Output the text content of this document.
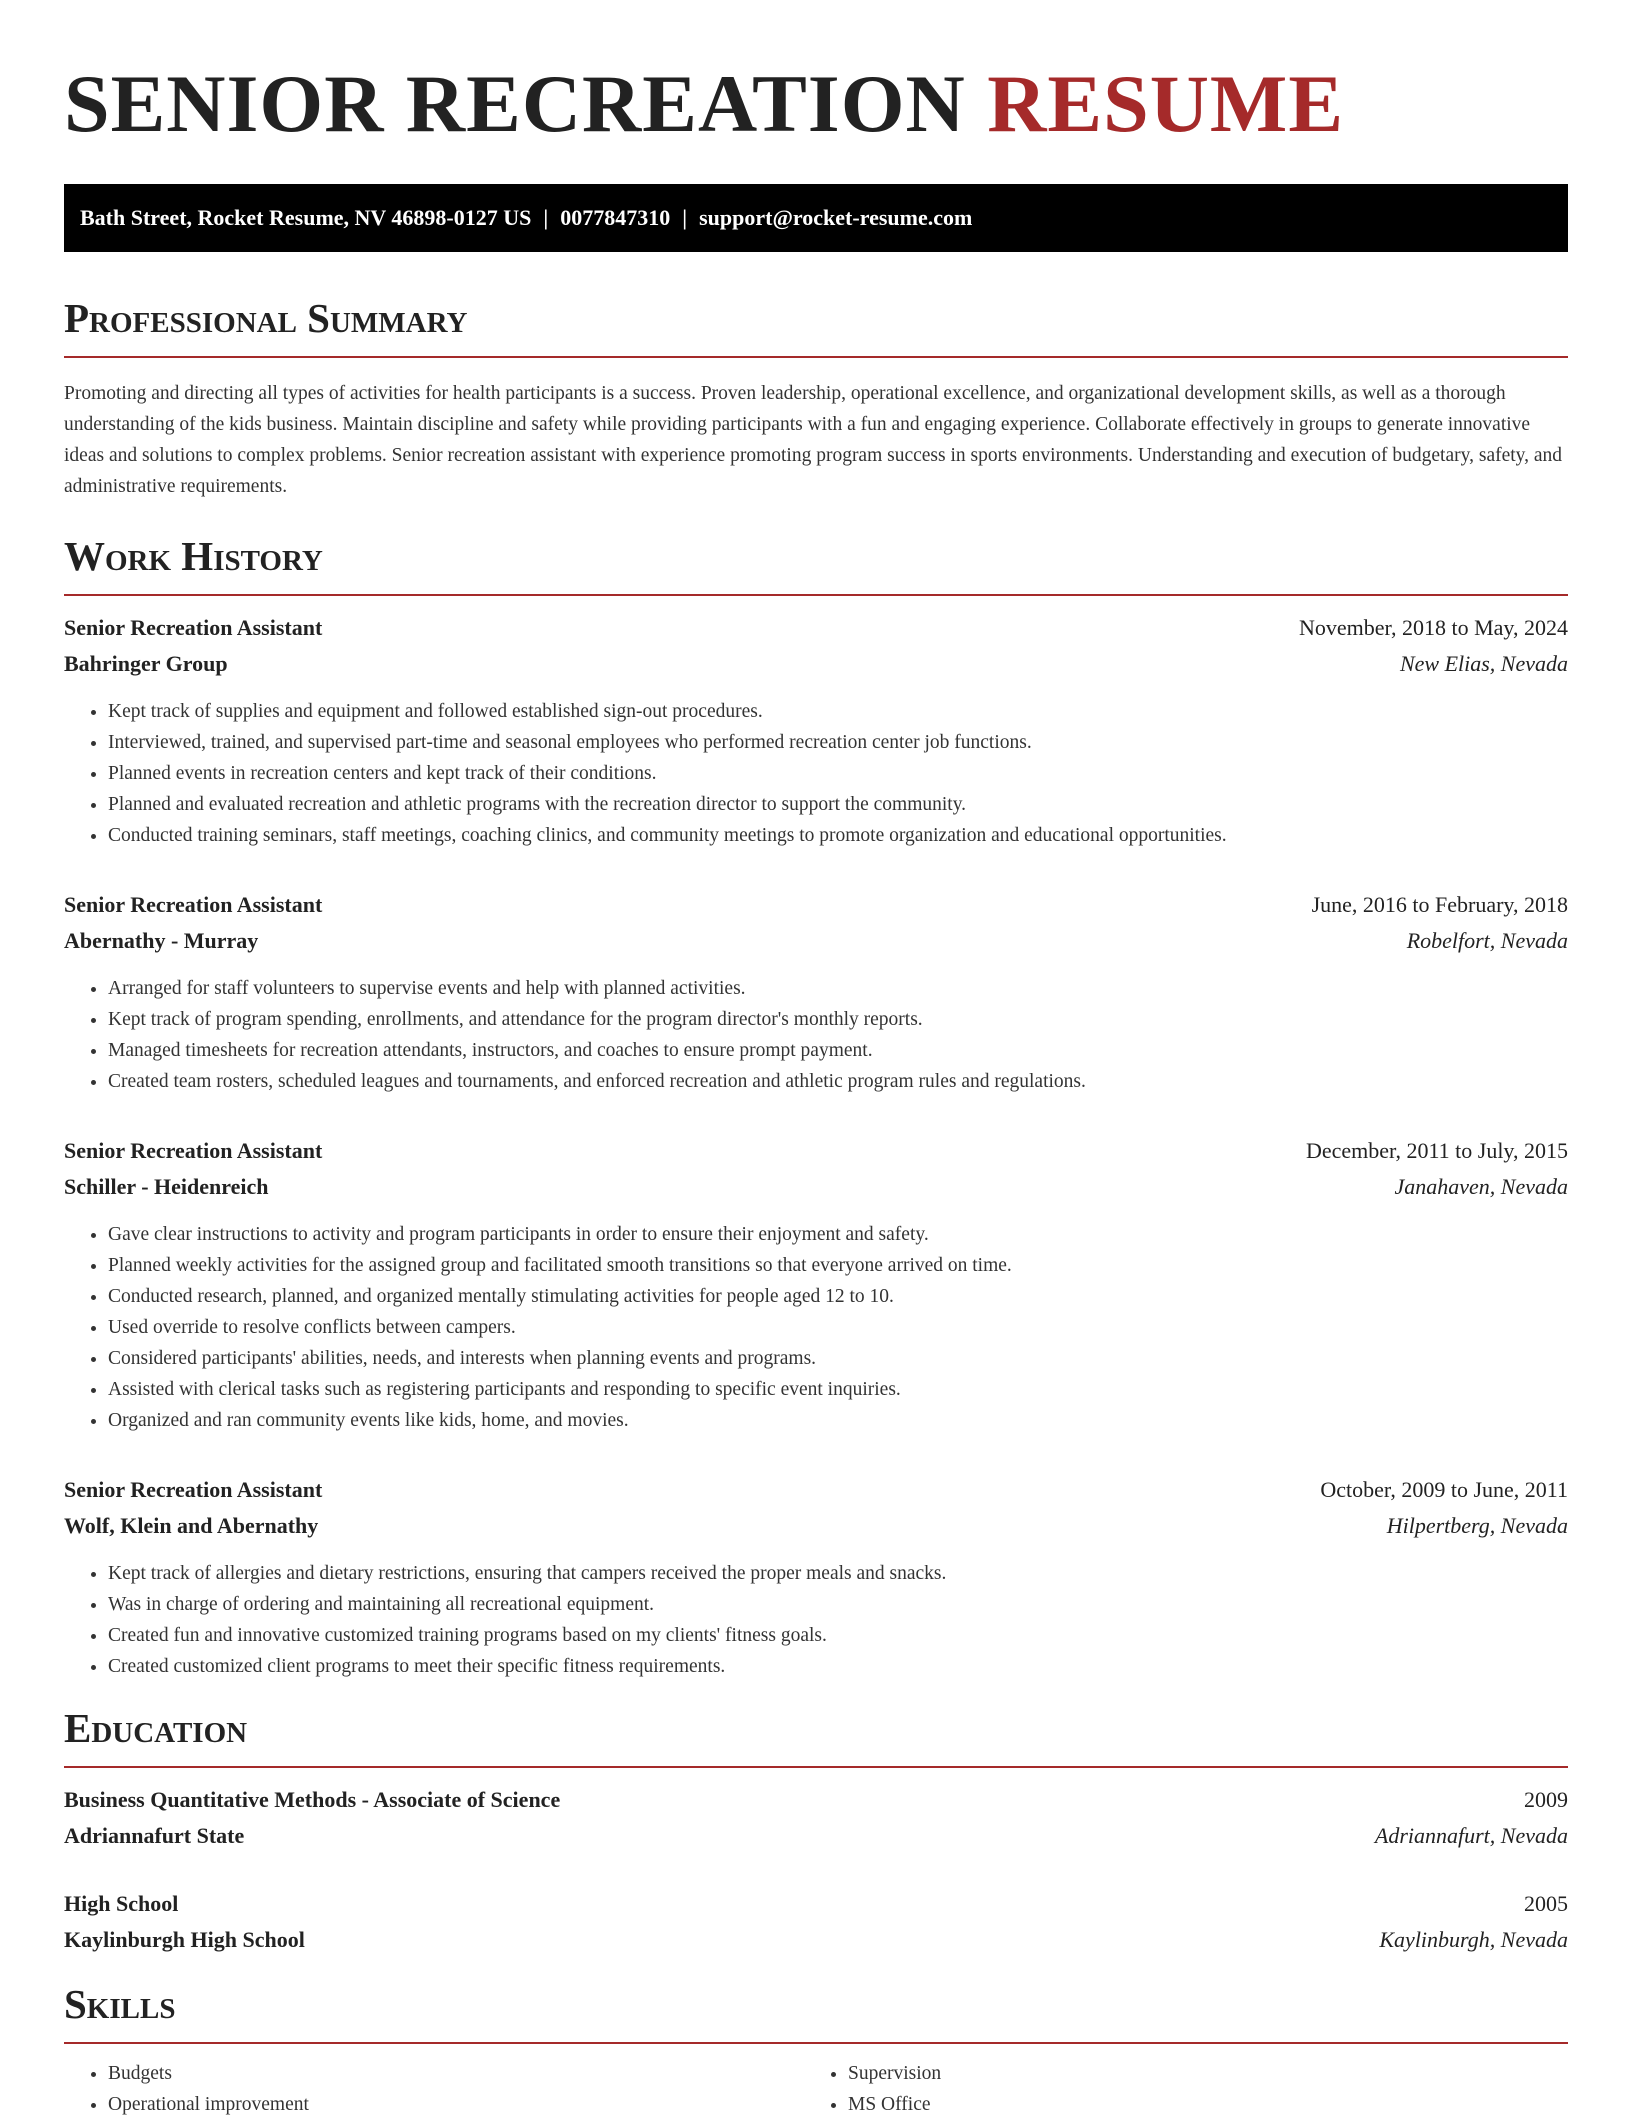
SENIOR RECREATION RESUME
Bath Street, Rocket Resume, NV 46898-0127 US | 0077847310 | support@rocket-resume.com
Professional Summary

Promoting and directing all types of activities for health participants is a success. Proven leadership, operational excellence, and organizational development skills, as well as a thorough understanding of the kids business. Maintain discipline and safety while providing participants with a fun and engaging experience. Collaborate effectively in groups to generate innovative ideas and solutions to complex problems. Senior recreation assistant with experience promoting program success in sports environments. Understanding and execution of budgetary, safety, and administrative requirements.

Work History
Senior Recreation Assistant	November, 2018 to May, 2024
Bahringer Group	New Elias, Nevada
• Kept track of supplies and equipment and followed established sign-out procedures.
• Interviewed, trained, and supervised part-time and seasonal employees who performed recreation center job functions.
• Planned events in recreation centers and kept track of their conditions.
• Planned and evaluated recreation and athletic programs with the recreation director to support the community.
• Conducted training seminars, staff meetings, coaching clinics, and community meetings to promote organization and educational opportunities.
Senior Recreation Assistant	June, 2016 to February, 2018
Abernathy - Murray	Robelfort, Nevada
• Arranged for staff volunteers to supervise events and help with planned activities.
• Kept track of program spending, enrollments, and attendance for the program director's monthly reports.
• Managed timesheets for recreation attendants, instructors, and coaches to ensure prompt payment.
• Created team rosters, scheduled leagues and tournaments, and enforced recreation and athletic program rules and regulations.
Senior Recreation Assistant	December, 2011 to July, 2015
Schiller - Heidenreich	Janahaven, Nevada
• Gave clear instructions to activity and program participants in order to ensure their enjoyment and safety.
• Planned weekly activities for the assigned group and facilitated smooth transitions so that everyone arrived on time.
• Conducted research, planned, and organized mentally stimulating activities for people aged 12 to 10.
• Used override to resolve conflicts between campers.
• Considered participants' abilities, needs, and interests when planning events and programs.
• Assisted with clerical tasks such as registering participants and responding to specific event inquiries.
• Organized and ran community events like kids, home, and movies.
Senior Recreation Assistant	October, 2009 to June, 2011
Wolf, Klein and Abernathy	Hilpertberg, Nevada
• Kept track of allergies and dietary restrictions, ensuring that campers received the proper meals and snacks.
• Was in charge of ordering and maintaining all recreational equipment.
• Created fun and innovative customized training programs based on my clients' fitness goals.
• Created customized client programs to meet their specific fitness requirements.
Education
Business Quantitative Methods - Associate of Science	2009
Adriannafurt State	Adriannafurt, Nevada
High School	2005
Kaylinburgh High School	Kaylinburgh, Nevada
Skills
• Budgets
• Operational improvement
• Supervision
• MS Office
